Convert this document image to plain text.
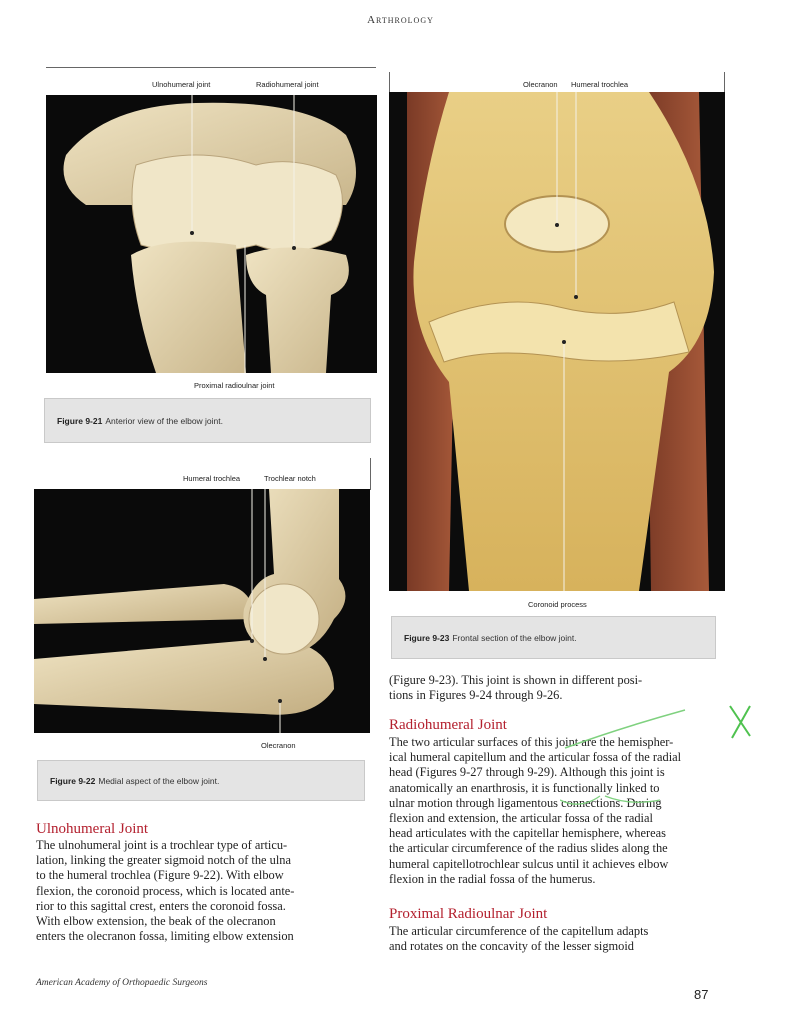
Arthrology
Ulnohumeral joint	Radiohumeral joint
Proximal radioulnar joint
Figure 9-21 Anterior view of the elbow joint.
Humeral trochlea	Trochlear notch
Olecranon
Figure 9-22 Medial aspect of the elbow joint.
Olecranon Humeral trochlea
Coronoid process
Figure 9-23 Frontal section of the elbow joint.
Ulnohumeral Joint
The ulnohumeral joint is a trochlear type of articu-
lation, linking the greater sigmoid notch of the ulna
to the humeral trochlea (Figure 9-22). With elbow
flexion, the coronoid process, which is located ante-
rior to this sagittal crest, enters the coronoid fossa.
With elbow extension, the beak of the olecranon
enters the olecranon fossa, limiting elbow extension
(Figure 9-23). This joint is shown in different posi-
tions in Figures 9-24 through 9-26.
Radiohumeral Joint
The two articular surfaces of this joint are the hemispher-
ical humeral capitellum and the articular fossa of the radial
head (Figures 9-27 through 9-29). Although this joint is
anatomically an enarthrosis, it is functionally linked to
ulnar motion through ligamentous connections. During
flexion and extension, the articular fossa of the radial
head articulates with the capitellar hemisphere, whereas
the articular circumference of the radius slides along the
humeral capitellotrochlear sulcus until it achieves elbow
flexion in the radial fossa of the humerus.
Proximal Radioulnar Joint
The articular circumference of the capitellum adapts
and rotates on the concavity of the lesser sigmoid
American Academy of Orthopaedic Surgeons
87
